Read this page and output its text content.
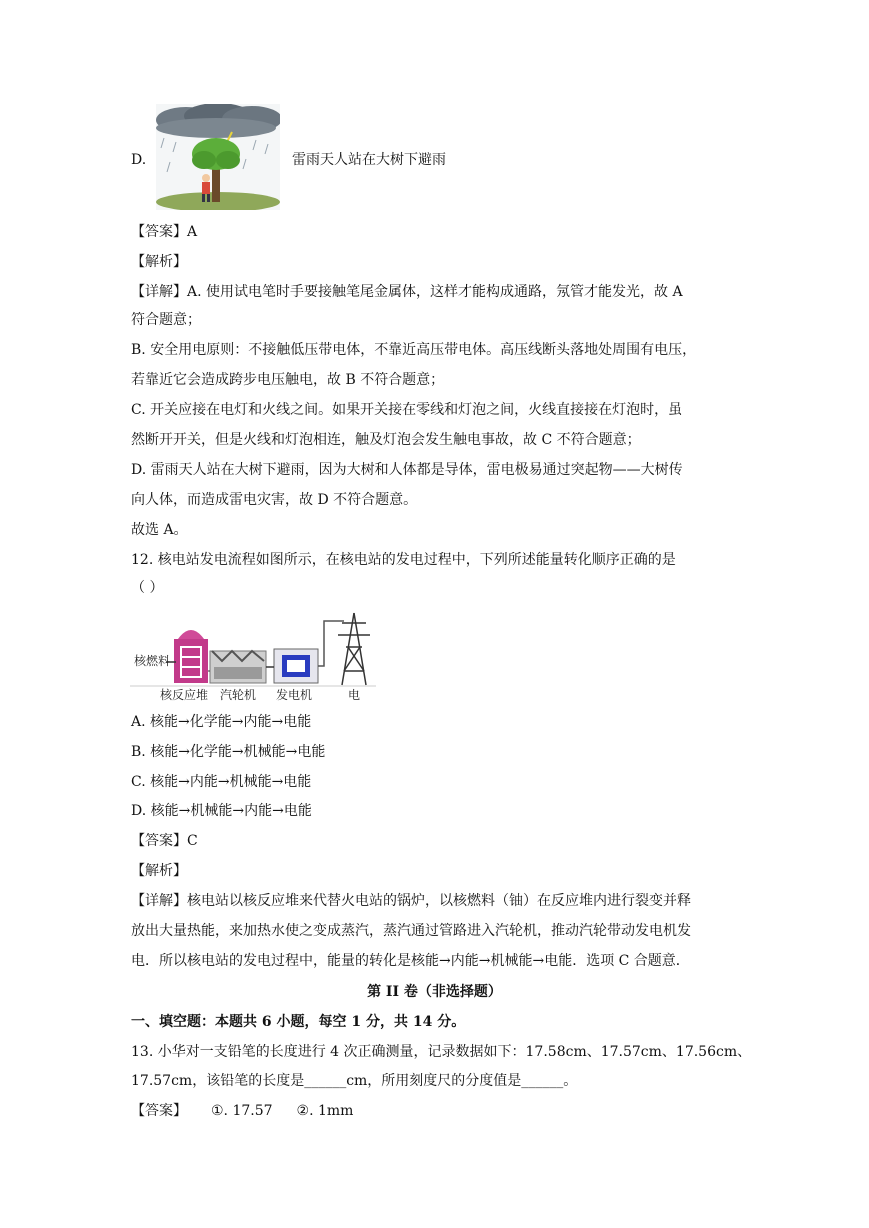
D.	雷雨天人站在大树下避雨
【答案】A
【解析】
【详解】A. 使用试电笔时手要接触笔尾金属体，这样才能构成通路，氖管才能发光，故 A
符合题意；
B. 安全用电原则：不接触低压带电体，不靠近高压带电体。高压线断头落地处周围有电压，
若靠近它会造成跨步电压触电，故 B 不符合题意；
C. 开关应接在电灯和火线之间。如果开关接在零线和灯泡之间，火线直接接在灯泡时，虽
然断开开关，但是火线和灯泡相连，触及灯泡会发生触电事故，故 C 不符合题意；
D. 雷雨天人站在大树下避雨，因为大树和人体都是导体，雷电极易通过突起物——大树传
向人体，而造成雷电灾害，故 D 不符合题意。
故选 A。
12. 核电站发电流程如图所示，在核电站的发电过程中，下列所述能量转化顺序正确的是
（ ）
核燃料
核反应堆 汽轮机 发电机	电
A. 核能→化学能→内能→电能
B. 核能→化学能→机械能→电能
C. 核能→内能→机械能→电能
D. 核能→机械能→内能→电能
【答案】C
【解析】
【详解】核电站以核反应堆来代替火电站的锅炉，以核燃料（铀）在反应堆内进行裂变并释
放出大量热能，来加热水使之变成蒸汽，蒸汽通过管路进入汽轮机，推动汽轮带动发电机发
电．所以核电站的发电过程中，能量的转化是核能→内能→机械能→电能．选项 C 合题意．
第 II 卷（非选择题）
一、填空题：本题共 6 小题，每空 1 分，共 14 分。
13. 小华对一支铅笔的长度进行 4 次正确测量，记录数据如下：17.58cm、17.57cm、17.56cm、
17.57cm，该铅笔的长度是______cm，所用刻度尺的分度值是______。
【答案】 ①. 17.57 ②. 1mm
